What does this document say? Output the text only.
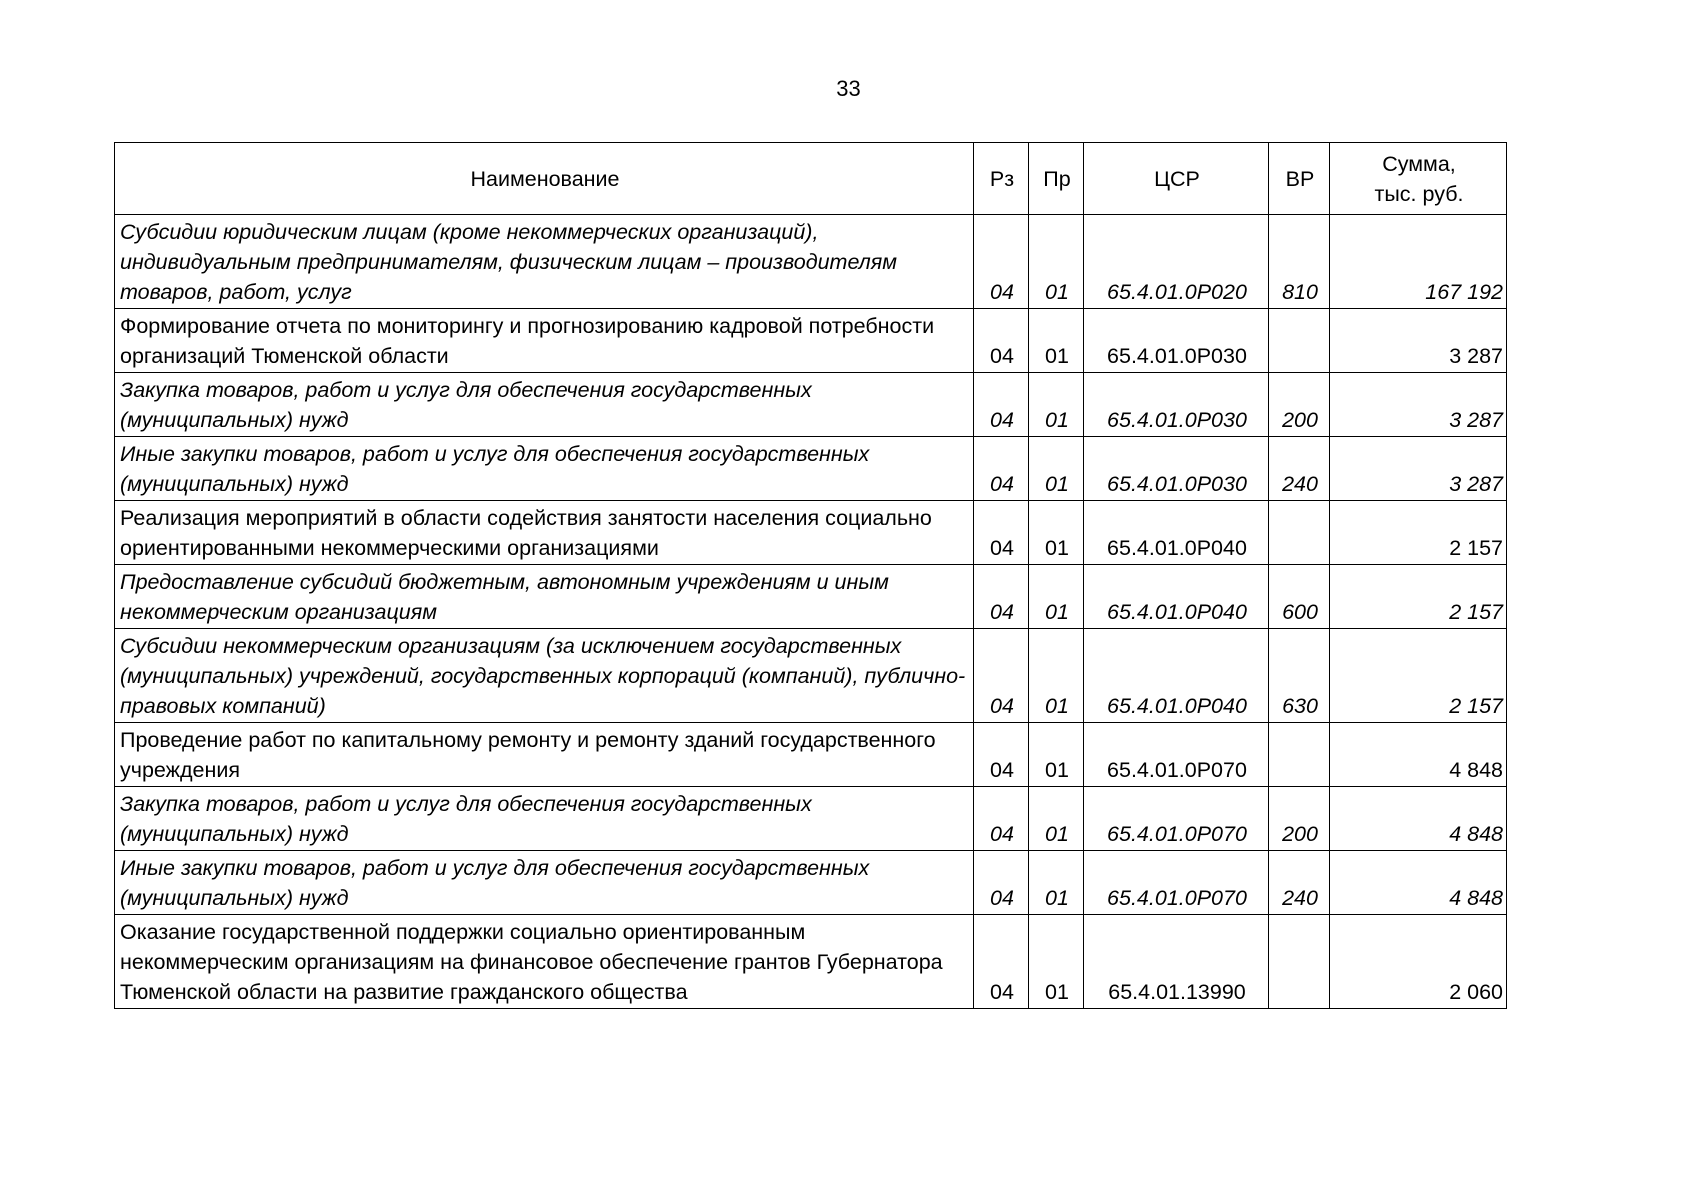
33
Наименование	Рз	Пр	ЦСР	ВР	Сумма,
тыс. руб.

Субсидии юридическим лицам (кроме некоммерческих организаций), индивидуальным предпринимателям, физическим лицам – производителям товаров, работ, услуг	04	01	65.4.01.0Р020	810	167 192
Формирование отчета по мониторингу и прогнозированию кадровой потребности организаций Тюменской области	04	01	65.4.01.0Р030		3 287
Закупка товаров, работ и услуг для обеспечения государственных (муниципальных) нужд	04	01	65.4.01.0Р030	200	3 287
Иные закупки товаров, работ и услуг для обеспечения государственных (муниципальных) нужд	04	01	65.4.01.0Р030	240	3 287
Реализация мероприятий в области содействия занятости населения социально ориентированными некоммерческими организациями	04	01	65.4.01.0Р040		2 157
Предоставление субсидий бюджетным, автономным учреждениям и иным некоммерческим организациям	04	01	65.4.01.0Р040	600	2 157
Субсидии некоммерческим организациям (за исключением государственных (муниципальных) учреждений, государственных корпораций (компаний), публично-правовых компаний)	04	01	65.4.01.0Р040	630	2 157
Проведение работ по капитальному ремонту и ремонту зданий государственного учреждения	04	01	65.4.01.0Р070		4 848
Закупка товаров, работ и услуг для обеспечения государственных (муниципальных) нужд	04	01	65.4.01.0Р070	200	4 848
Иные закупки товаров, работ и услуг для обеспечения государственных (муниципальных) нужд	04	01	65.4.01.0Р070	240	4 848
Оказание государственной поддержки социально ориентированным некоммерческим организациям на финансовое обеспечение грантов Губернатора Тюменской области на развитие гражданского общества	04	01	65.4.01.13990		2 060
